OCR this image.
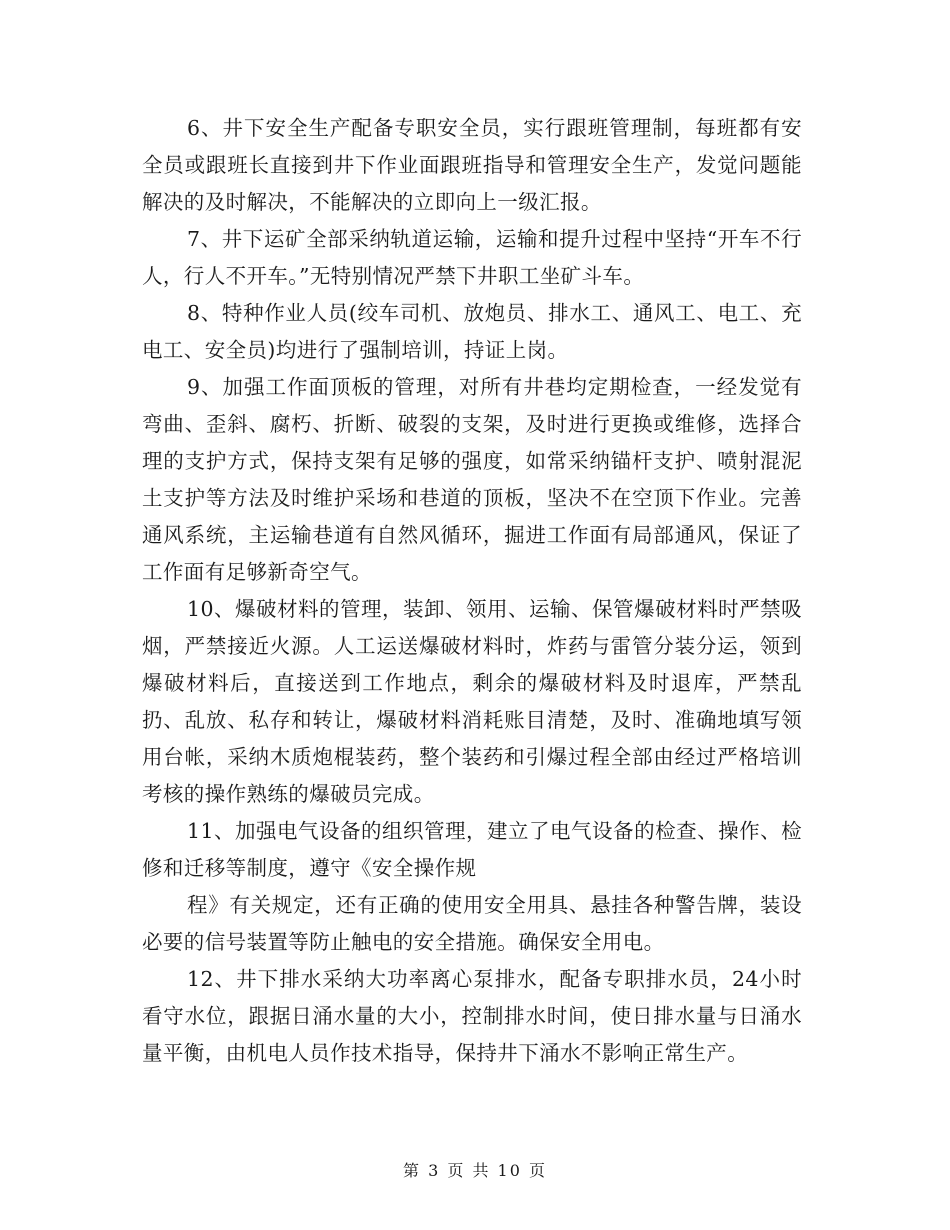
6、井下安全生产配备专职安全员，实行跟班管理制，每班都有安全员或跟班长直接到井下作业面跟班指导和管理安全生产，发觉问题能解决的及时解决，不能解决的立即向上一级汇报。

7、井下运矿全部采纳轨道运输，运输和提升过程中坚持“开车不行人，行人不开车。”无特别情况严禁下井职工坐矿斗车。

8、特种作业人员(绞车司机、放炮员、排水工、通风工、电工、充电工、安全员)均进行了强制培训，持证上岗。

9、加强工作面顶板的管理，对所有井巷均定期检查，一经发觉有弯曲、歪斜、腐朽、折断、破裂的支架，及时进行更换或维修，选择合理的支护方式，保持支架有足够的强度，如常采纳锚杆支护、喷射混泥土支护等方法及时维护采场和巷道的顶板，坚决不在空顶下作业。完善通风系统，主运输巷道有自然风循环，掘进工作面有局部通风，保证了工作面有足够新奇空气。

10、爆破材料的管理，装卸、领用、运输、保管爆破材料时严禁吸烟，严禁接近火源。人工运送爆破材料时，炸药与雷管分装分运，领到爆破材料后，直接送到工作地点，剩余的爆破材料及时退库，严禁乱扔、乱放、私存和转让，爆破材料消耗账目清楚，及时、准确地填写领用台帐，采纳木质炮棍装药，整个装药和引爆过程全部由经过严格培训考核的操作熟练的爆破员完成。

11、加强电气设备的组织管理，建立了电气设备的检查、操作、检修和迁移等制度，遵守《安全操作规

程》有关规定，还有正确的使用安全用具、悬挂各种警告牌，装设必要的信号装置等防止触电的安全措施。确保安全用电。

12、井下排水采纳大功率离心泵排水，配备专职排水员，24小时看守水位，跟据日涌水量的大小，控制排水时间，使日排水量与日涌水量平衡，由机电人员作技术指导，保持井下涌水不影响正常生产。

第 3 页 共 10 页
